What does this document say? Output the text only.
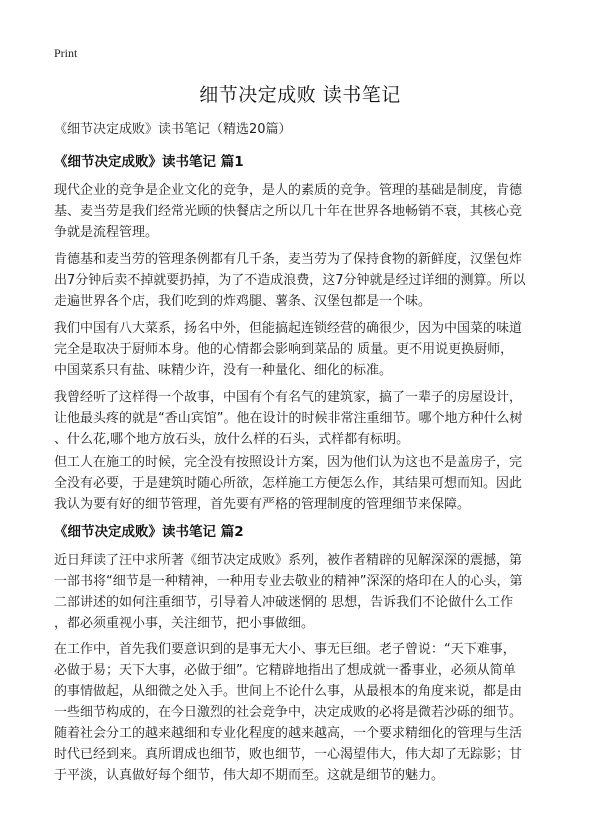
Print
细节决定成败 读书笔记
《细节决定成败》读书笔记（精选20篇）
《细节决定成败》读书笔记 篇1
现代企业的竞争是企业文化的竞争，是人的素质的竞争。管理的基础是制度，肯德
基、麦当劳是我们经常光顾的快餐店之所以几十年在世界各地畅销不衰，其核心竞
争就是流程管理。
肯德基和麦当劳的管理条例都有几千条，麦当劳为了保持食物的新鲜度，汉堡包炸
出7分钟后卖不掉就要扔掉，为了不造成浪费，这7分钟就是经过详细的测算。所以
走遍世界各个店，我们吃到的炸鸡腿、薯条、汉堡包都是一个味。
我们中国有八大菜系，扬名中外，但能搞起连锁经营的确很少，因为中国菜的味道
完全是取决于厨师本身。他的心情都会影响到菜品的 质量。更不用说更换厨师，
中国菜系只有盐、味精少许，没有一种量化、细化的标准。
我曾经听了这样得一个故事，中国有个有名气的建筑家，搞了一辈子的房屋设计，
让他最头疼的就是“香山宾馆”。他在设计的时候非常注重细节。哪个地方种什么树
、什么花,哪个地方放石头，放什么样的石头，式样都有标明。
但工人在施工的时候，完全没有按照设计方案，因为他们认为这也不是盖房子，完
全没有必要，于是建筑时随心所欲，怎样施工方便怎么作，其结果可想而知。因此
我认为要有好的细节管理，首先要有严格的管理制度的管理细节来保障。
《细节决定成败》读书笔记 篇2
近日拜读了汪中求所著《细节决定成败》系列，被作者精辟的见解深深的震撼，第
一部书将“细节是一种精神，一种用专业去敬业的精神”深深的烙印在人的心头，第
二部讲述的如何注重细节，引导着人冲破迷惘的 思想，告诉我们不论做什么工作
，都必须重视小事，关注细节，把小事做细。
在工作中，首先我们要意识到的是事无大小、事无巨细。老子曾说：“天下难事，
必做于易；天下大事，必做于细”。它精辟地指出了想成就一番事业，必须从简单
的事情做起，从细微之处入手。世间上不论什么事，从最根本的角度来说，都是由
一些细节构成的，在今日激烈的社会竞争中，决定成败的必将是微若沙砾的细节。
随着社会分工的越来越细和专业化程度的越来越高，一个要求精细化的管理与生活
时代已经到来。真所谓成也细节，败也细节，一心渴望伟大，伟大却了无踪影；甘
于平淡，认真做好每个细节，伟大却不期而至。这就是细节的魅力。
